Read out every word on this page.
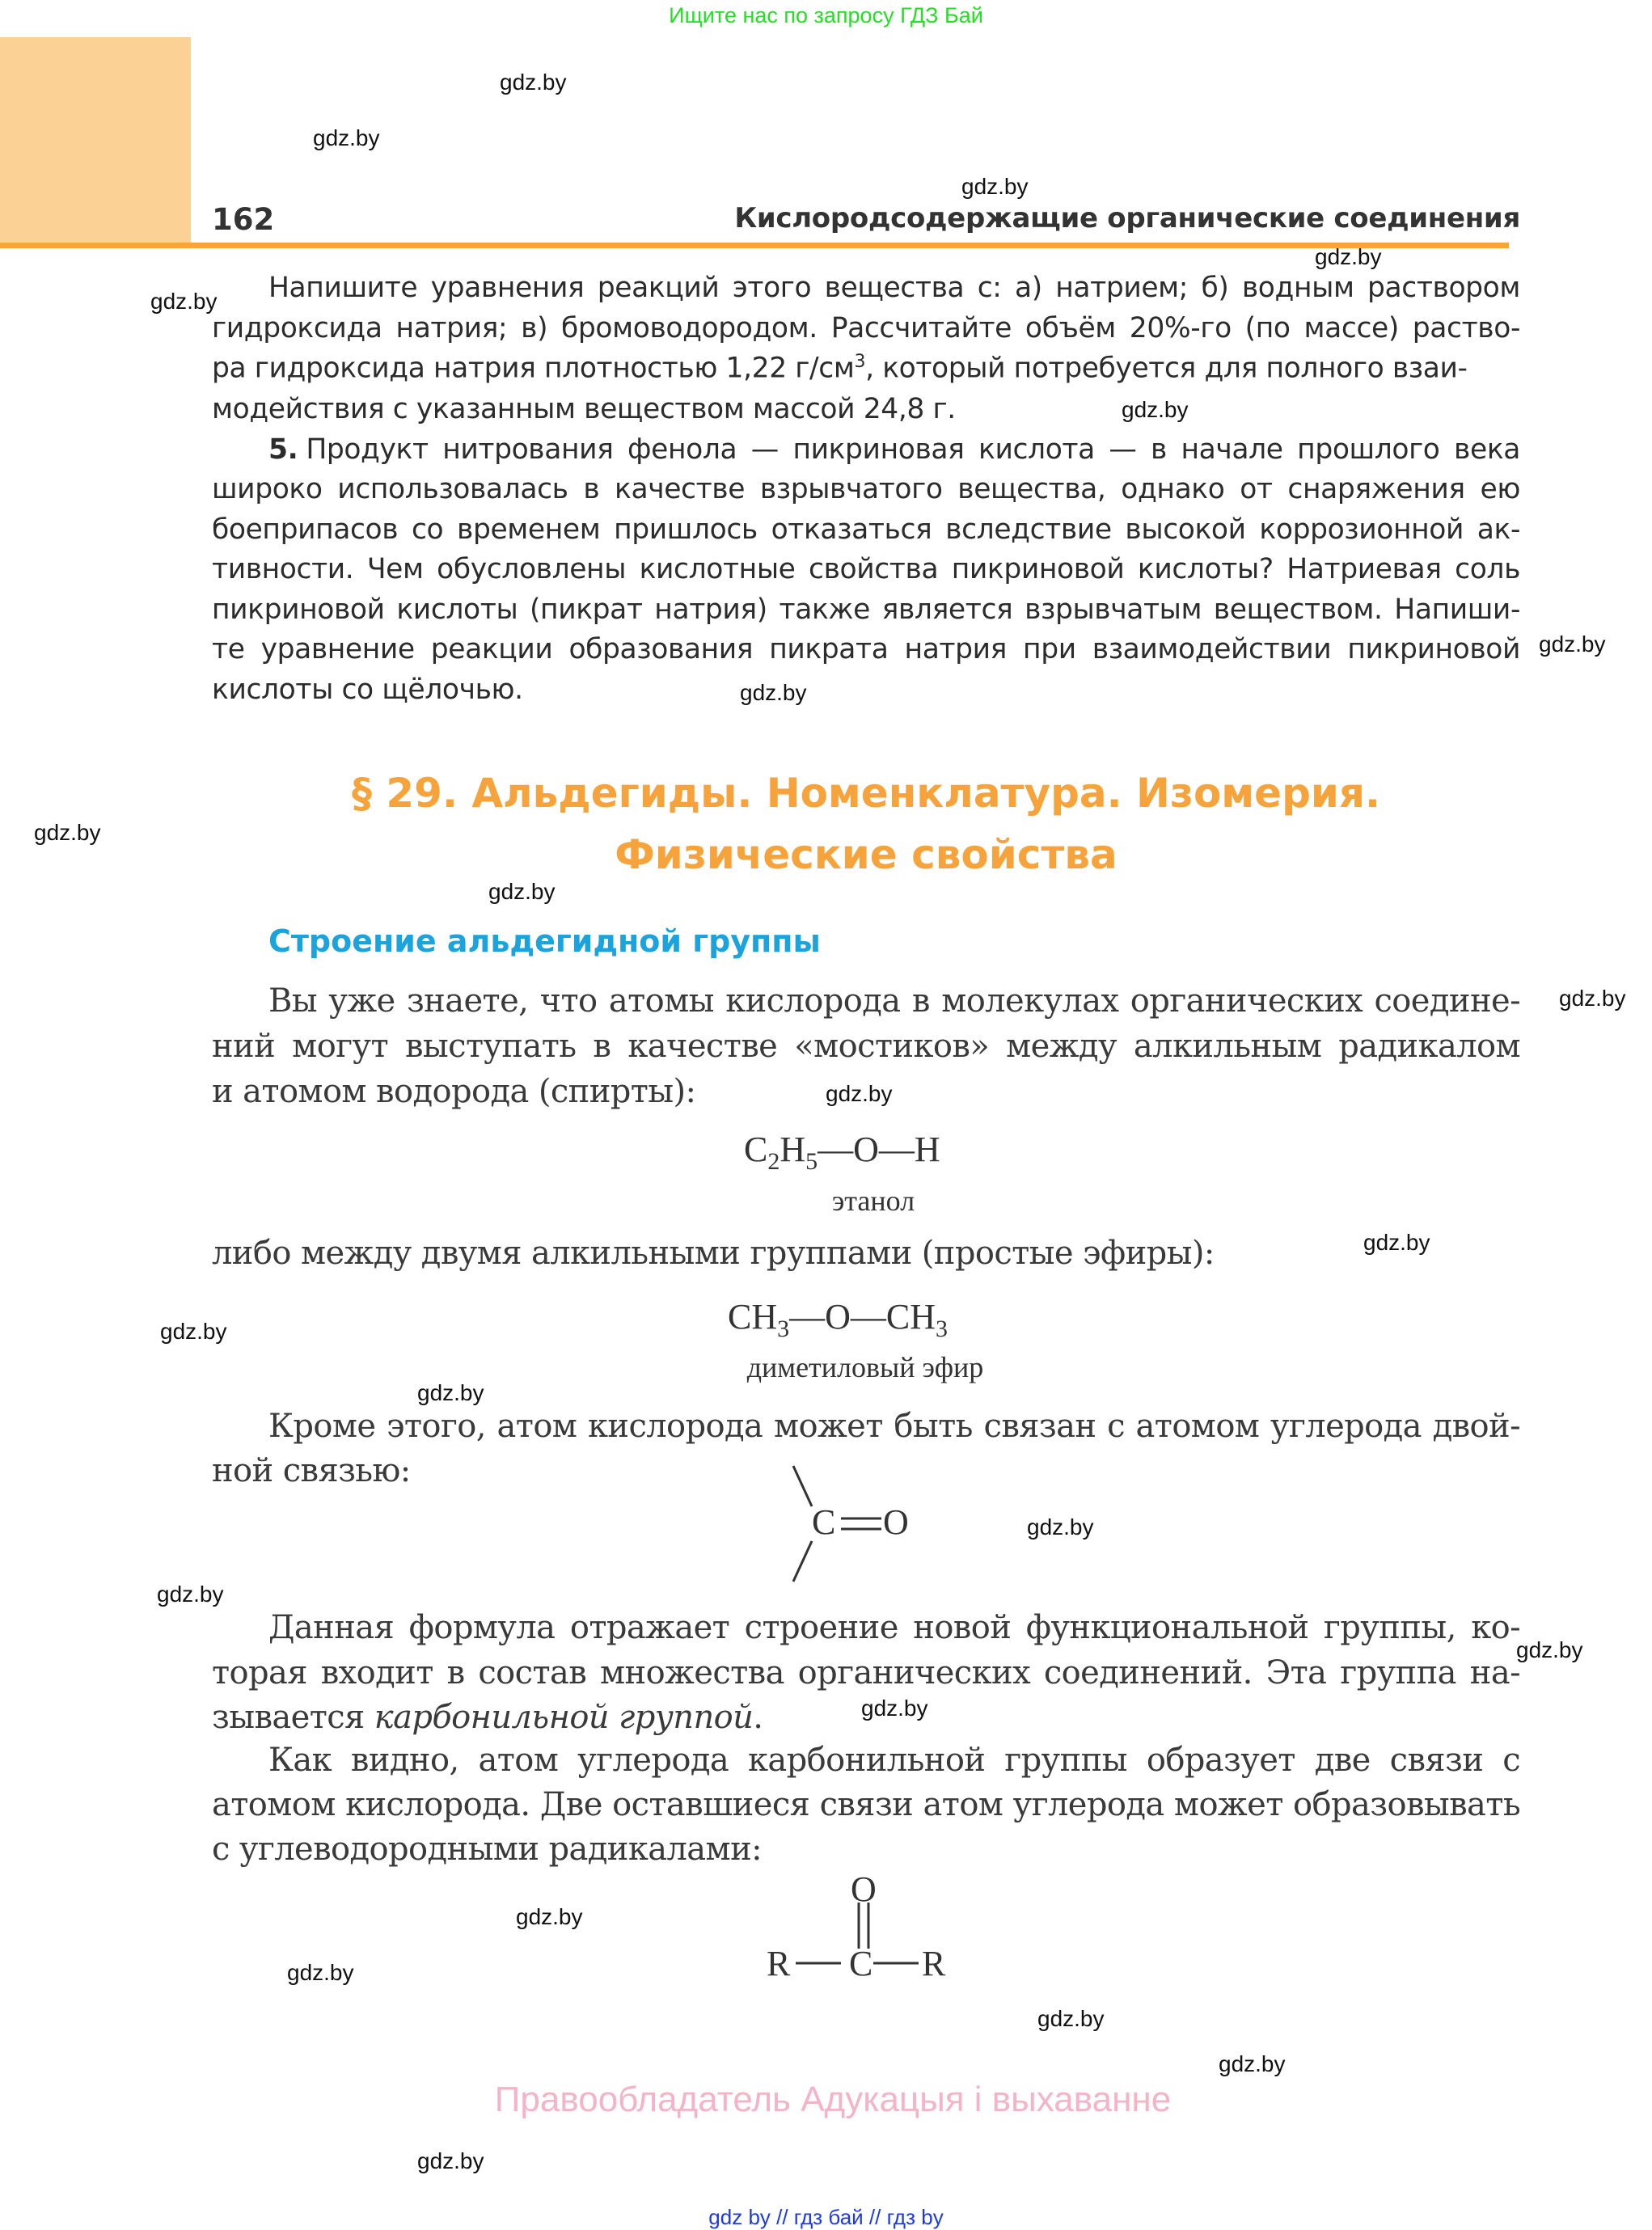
Ищите нас по запросу ГДЗ Бай
162	Кислородсодержащие органические соединения
Напишите уравнения реакций этого вещества с: а) натрием; б) водным раствором
гидроксида натрия; в) бромоводородом. Рассчитайте объём 20%-го (по массе) раство-
ра гидроксида натрия плотностью 1,22 $г/см^3$, который потребуется для полного взаи-
модействия с указанным веществом массой 24,8 г.
5. Продукт нитрования фенола — пикриновая кислота — в начале прошлого века
широко использовалась в качестве взрывчатого вещества, однако от снаряжения ею
боеприпасов со временем пришлось отказаться вследствие высокой коррозионной ак-
тивности. Чем обусловлены кислотные свойства пикриновой кислоты? Натриевая соль
пикриновой кислоты (пикрат натрия) также является взрывчатым веществом. Напиши-
те уравнение реакции образования пикрата натрия при взаимодействии пикриновой
кислоты со щёлочью.
§ 29. Альдегиды. Номенклатура. Изомерия.
Физические свойства
Строение альдегидной группы
Вы уже знаете, что атомы кислорода в молекулах органических соедине-
ний могут выступать в качестве «мостиков» между алкильным радикалом
и атомом водорода (спирты):
$C_2H_5—O—H$
этанол
либо между двумя алкильными группами (простые эфиры):
$CH_3—O—CH_3$
диметиловый эфир
Кроме этого, атом кислорода может быть связан с атомом углерода двой-
ной связью:
C O
Данная формула отражает строение новой функциональной группы, ко-
торая входит в состав множества органических соединений. Эта группа на-
зывается карбонильной группой.
Как видно, атом углерода карбонильной группы образует две связи с
атомом кислорода. Две оставшиеся связи атом углерода может образовывать
с углеводородными радикалами:
O
R C R
gdz.by
gdz.by
gdz.by
gdz.by
gdz.by
gdz.by
gdz.by
gdz.by
gdz.by
gdz.by
gdz.by
gdz.by
gdz.by
gdz.by
gdz.by
gdz.by
gdz.by
gdz.by
gdz.by
gdz.by
gdz.by
gdz.by
gdz.by
gdz.by
Правообладатель Адукацыя і выхаванне
gdz by // гдз бай // гдз by
